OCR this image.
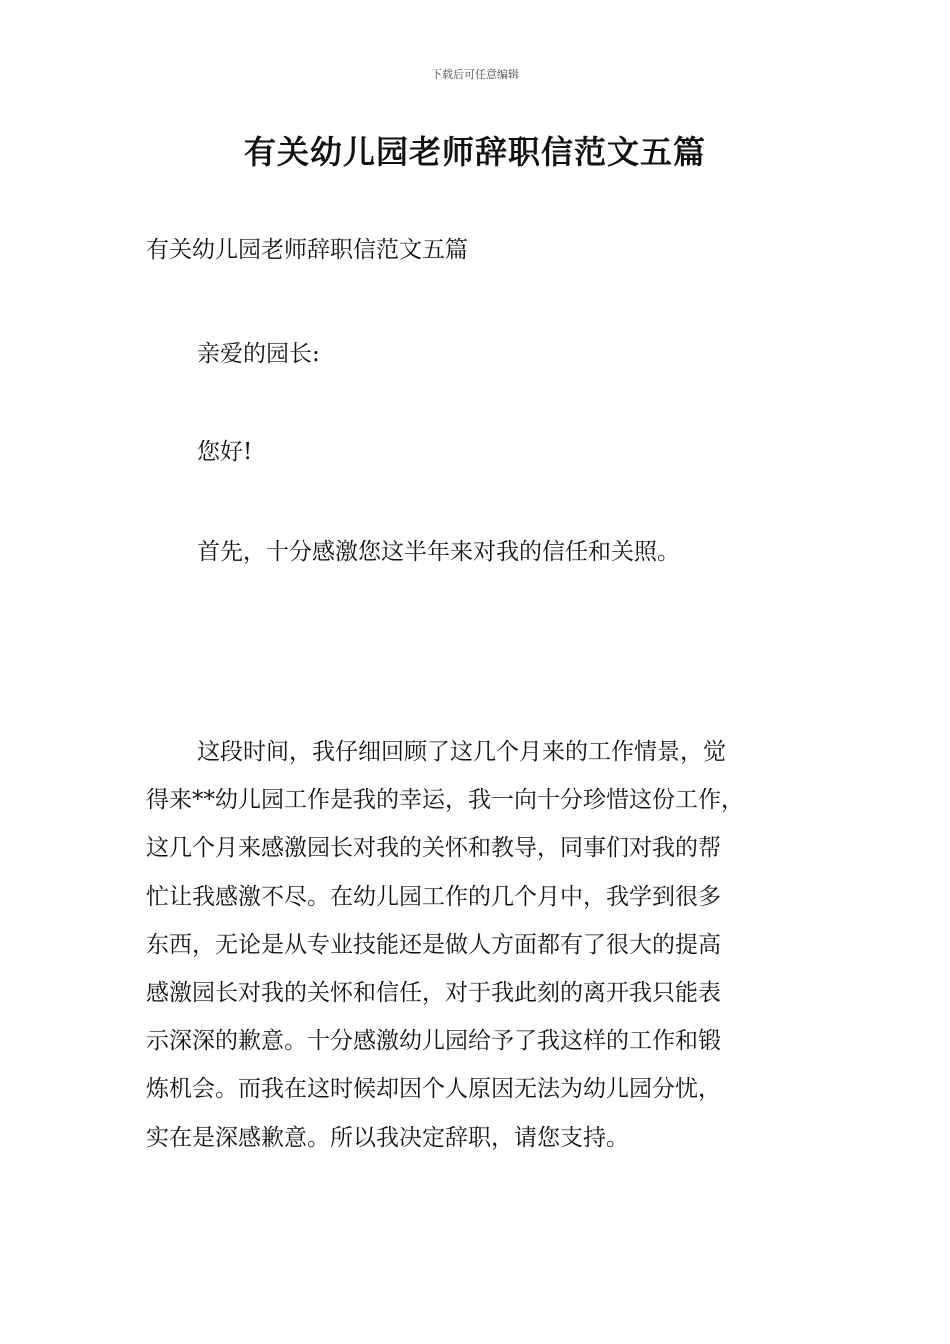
下载后可任意编辑
有关幼儿园老师辞职信范文五篇

有关幼儿园老师辞职信范文五篇

亲爱的园长:

您好!

首先，十分感激您这半年来对我的信任和关照。

这段时间，我仔细回顾了这几个月来的工作情景，觉
得来**幼儿园工作是我的幸运，我一向十分珍惜这份工作，
这几个月来感激园长对我的关怀和教导，同事们对我的帮
忙让我感激不尽。在幼儿园工作的几个月中，我学到很多
东西，无论是从专业技能还是做人方面都有了很大的提高
感激园长对我的关怀和信任，对于我此刻的离开我只能表
示深深的歉意。十分感激幼儿园给予了我这样的工作和锻
炼机会。而我在这时候却因个人原因无法为幼儿园分忧，
实在是深感歉意。所以我决定辞职，请您支持。
